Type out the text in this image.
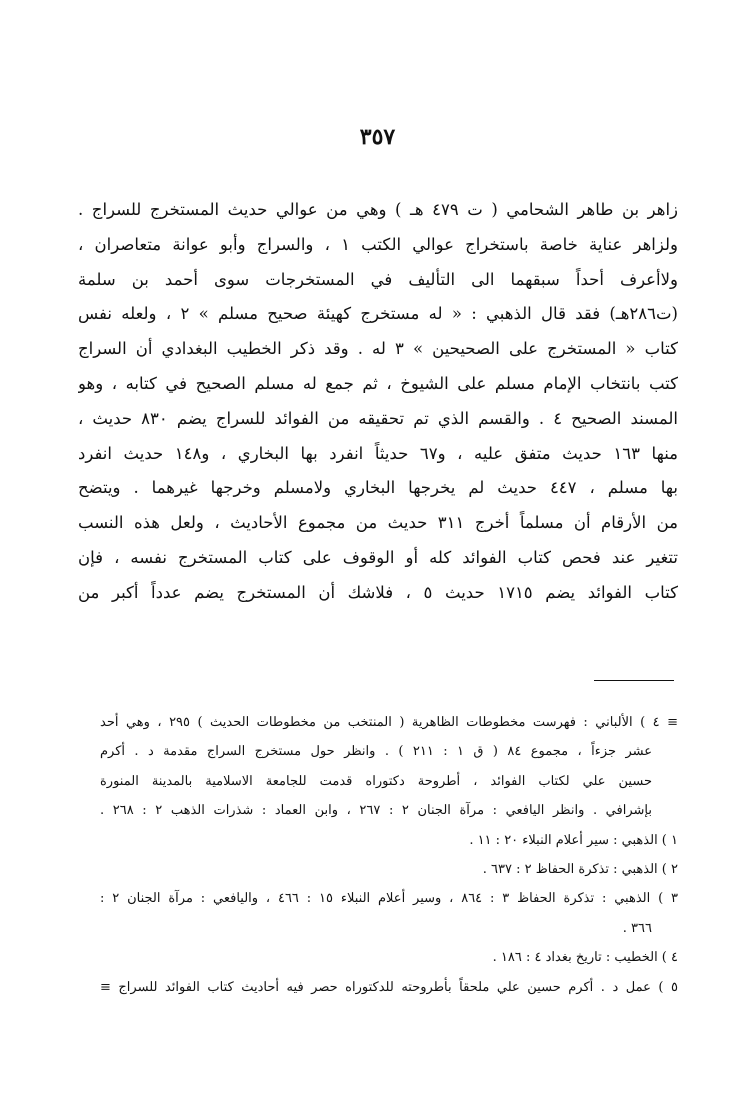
٣٥٧
زاهر بن طاهر الشحامي ( ت ٤٧٩ هـ ) وهي من عوالي حديث المستخرج للسراج .
ولزاهر عناية خاصة باستخراج عوالي الكتب ١ ، والسراج وأبو عوانة متعاصران ،
ولاأعرف أحداً سبقهما الى التأليف في المستخرجات سوى أحمد بن سلمة
(ت٢٨٦هـ) فقد قال الذهبي : « له مستخرج كهيئة صحيح مسلم » ٢ ، ولعله نفس
كتاب « المستخرج على الصحيحين » ٣ له . وقد ذكر الخطيب البغدادي أن السراج
كتب بانتخاب الإمام مسلم على الشيوخ ، ثم جمع له مسلم الصحيح في كتابه ، وهو
المسند الصحيح ٤ . والقسم الذي تم تحقيقه من الفوائد للسراج يضم ٨٣٠ حديث ،
منها ١٦٣ حديث متفق عليه ، و٦٧ حديثاً انفرد بها البخاري ، و١٤٨ حديث انفرد
بها مسلم ، ٤٤٧ حديث لم يخرجها البخاري ولامسلم وخرجها غيرهما . ويتضح
من الأرقام أن مسلماً أخرج ٣١١ حديث من مجموع الأحاديث ، ولعل هذه النسب
تتغير عند فحص كتاب الفوائد كله أو الوقوف على كتاب المستخرج نفسه ، فإن
كتاب الفوائد يضم ١٧١٥ حديث ٥ ، فلاشك أن المستخرج يضم عدداً أكبر من
≡ ٤ ) الألباني : فهرست مخطوطات الظاهرية ( المنتخب من مخطوطات الحديث ) ٢٩٥ ، وهي أحد
عشر جزءاً ، مجموع ٨٤ ( ق ١ : ٢١١ ) . وانظر حول مستخرج السراج مقدمة د . أكرم
حسين علي لكتاب الفوائد ، أطروحة دكتوراه قدمت للجامعة الاسلامية بالمدينة المنورة
بإشرافي . وانظر اليافعي : مرآة الجنان ٢ : ٢٦٧ ، وابن العماد : شذرات الذهب ٢ : ٢٦٨ .
١ ) الذهبي : سير أعلام النبلاء ٢٠ : ١١ .
٢ ) الذهبي : تذكرة الحفاظ ٢ : ٦٣٧ .
٣ ) الذهبي : تذكرة الحفاظ ٣ : ٨٦٤ ، وسير أعلام النبلاء ١٥ : ٤٦٦ ، واليافعي : مرآة الجنان ٢ :
٣٦٦ .
٤ ) الخطيب : تاريخ بغداد ٤ : ١٨٦ .
٥ ) عمل د . أكرم حسين علي ملحقاً بأطروحته للدكتوراه حصر فيه أحاديث كتاب الفوائد للسراج ≡
